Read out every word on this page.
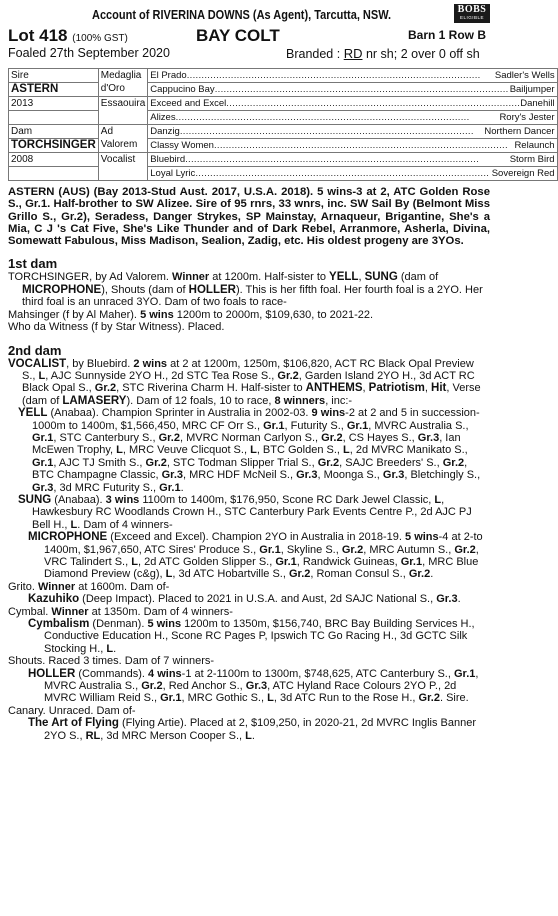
Account of RIVERINA DOWNS (As Agent), Tarcutta, NSW.	BOBS
ELIGIBLE
Lot 418 (100% GST)	BAY COLT	Barn 1 Row B
Foaled 27th September 2020	Branded : RD nr sh; 2 over 0 off sh
Sire	Medaglia d'Oro	El Prado ..... Sadler's Wells

ASTERN		Cappucino Bay ..... Bailjumper

2013	Essaouira	Exceed and Excel ..... Danehill

		Alizes ..... Rory's Jester

Dam	Ad Valorem	Danzig ..... Northern Dancer

TORCHSINGER		Classy Women ..... Relaunch

2008	Vocalist	Bluebird ..... Storm Bird

		Loyal Lyric ..... Sovereign Red
ASTERN (AUS) (Bay 2013-Stud Aust. 2017, U.S.A. 2018). 5 wins-3 at 2, ATC Golden Rose S., Gr.1. Half-brother to SW Alizee. Sire of 95 rnrs, 33 wnrs, inc. SW Sail By (Belmont Miss Grillo S., Gr.2), Seradess, Danger Strykes, SP Mainstay, Arnaqueur, Brigantine, She's a Mia, C J 's Cat Five, She's Like Thunder and of Dark Rebel, Arranmore, Asherla, Divina, Somewatt Fabulous, Miss Madison, Sealion, Zadig, etc. His oldest progeny are 3YOs.
1st dam
TORCHSINGER, by Ad Valorem. Winner at 1200m. Half-sister to YELL, SUNG (dam of MICROPHONE), Shouts (dam of HOLLER). This is her fifth foal. Her fourth foal is a 2YO. Her third foal is an unraced 3YO. Dam of two foals to race-
Mahsinger (f by Al Maher). 5 wins 1200m to 2000m, $109,630, to 2021-22.
Who da Witness (f by Star Witness). Placed.
2nd dam
VOCALIST, by Bluebird. 2 wins at 2 at 1200m, 1250m, $106,820, ACT RC Black Opal Preview S., L, AJC Sunnyside 2YO H., 2d STC Tea Rose S., Gr.2, Garden Island 2YO H., 3d ACT RC Black Opal S., Gr.2, STC Riverina Charm H. Half-sister to ANTHEMS, Patriotism, Hit, Verse (dam of LAMASERY). Dam of 12 foals, 10 to race, 8 winners, inc:-
YELL (Anabaa). Champion Sprinter in Australia in 2002-03. 9 wins-2 at 2 and 5 in succession-1000m to 1400m, $1,566,450, MRC CF Orr S., Gr.1, Futurity S., Gr.1, MVRC Australia S., Gr.1, STC Canterbury S., Gr.2, MVRC Norman Carlyon S., Gr.2, CS Hayes S., Gr.3, Ian McEwen Trophy, L, MRC Veuve Clicquot S., L, BTC Golden S., L, 2d MVRC Manikato S., Gr.1, AJC TJ Smith S., Gr.2, STC Todman Slipper Trial S., Gr.2, SAJC Breeders' S., Gr.2, BTC Champagne Classic, Gr.3, MRC HDF McNeil S., Gr.3, Moonga S., Gr.3, Bletchingly S., Gr.3, 3d MRC Futurity S., Gr.1.
SUNG (Anabaa). 3 wins 1100m to 1400m, $176,950, Scone RC Dark Jewel Classic, L, Hawkesbury RC Woodlands Crown H., STC Canterbury Park Events Centre P., 2d AJC PJ Bell H., L. Dam of 4 winners-
MICROPHONE (Exceed and Excel). Champion 2YO in Australia in 2018-19. 5 wins-4 at 2-to 1400m, $1,967,650, ATC Sires' Produce S., Gr.1, Skyline S., Gr.2, MRC Autumn S., Gr.2, VRC Talindert S., L, 2d ATC Golden Slipper S., Gr.1, Randwick Guineas, Gr.1, MRC Blue Diamond Preview (c&g), L, 3d ATC Hobartville S., Gr.2, Roman Consul S., Gr.2.
Grito. Winner at 1600m. Dam of-
Kazuhiko (Deep Impact). Placed to 2021 in U.S.A. and Aust, 2d SAJC National S., Gr.3.
Cymbal. Winner at 1350m. Dam of 4 winners-
Cymbalism (Denman). 5 wins 1200m to 1350m, $156,740, BRC Bay Building Services H., Conductive Education H., Scone RC Pages P, Ipswich TC Go Racing H., 3d GCTC Silk Stocking H., L.
Shouts. Raced 3 times. Dam of 7 winners-
HOLLER (Commands). 4 wins-1 at 2-1100m to 1300m, $748,625, ATC Canterbury S., Gr.1, MVRC Australia S., Gr.2, Red Anchor S., Gr.3, ATC Hyland Race Colours 2YO P., 2d MVRC William Reid S., Gr.1, MRC Gothic S., L, 3d ATC Run to the Rose H., Gr.2. Sire.
Canary. Unraced. Dam of-
The Art of Flying (Flying Artie). Placed at 2, $109,250, in 2020-21, 2d MVRC Inglis Banner 2YO S., RL, 3d MRC Merson Cooper S., L.
